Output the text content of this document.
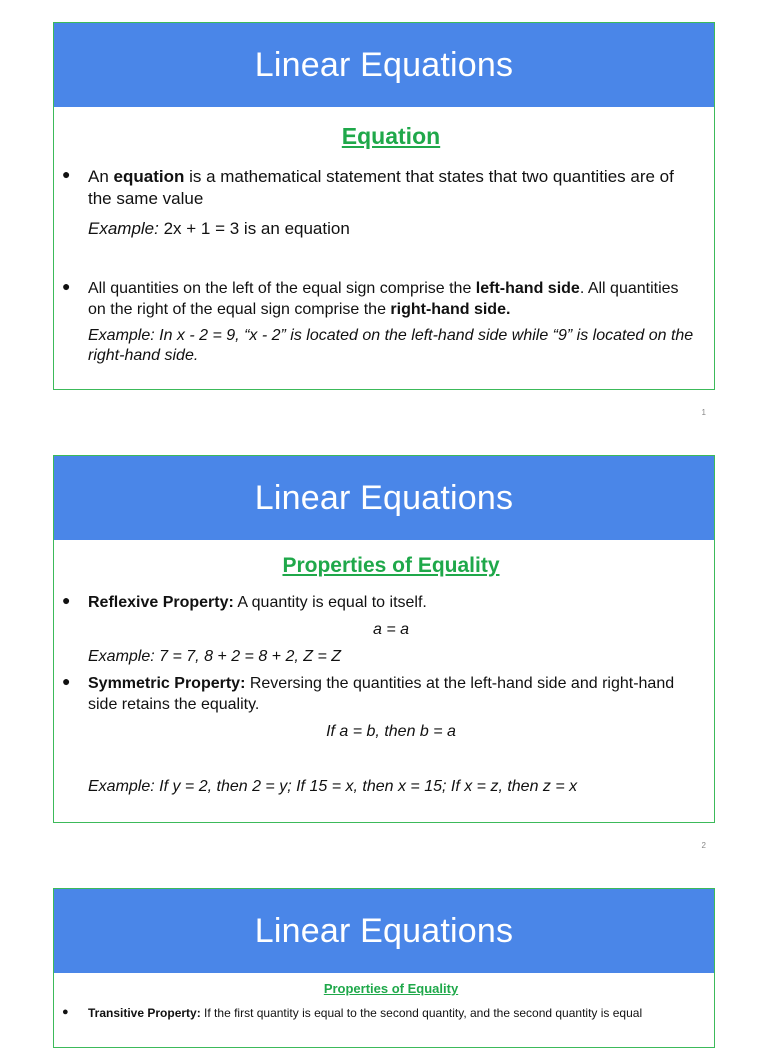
Linear Equations
Equation
● An equation is a mathematical statement that states that two quantities are of the same value
Example: 2x + 1 = 3 is an equation
● All quantities on the left of the equal sign comprise the left-hand side. All quantities on the right of the equal sign comprise the right-hand side.
Example: In x - 2 = 9, “x - 2” is located on the left-hand side while “9” is located on the right-hand side.
1
Linear Equations
Properties of Equality
● Reflexive Property: A quantity is equal to itself.
a = a
Example: 7 = 7, 8 + 2 = 8 + 2, Z = Z
● Symmetric Property: Reversing the quantities at the left-hand side and right-hand side retains the equality.
If a = b, then b = a
Example: If y = 2, then 2 = y; If 15 = x, then x = 15; If x = z, then z = x
2
Linear Equations
Properties of Equality
● Transitive Property: If the first quantity is equal to the second quantity, and the second quantity is equal
